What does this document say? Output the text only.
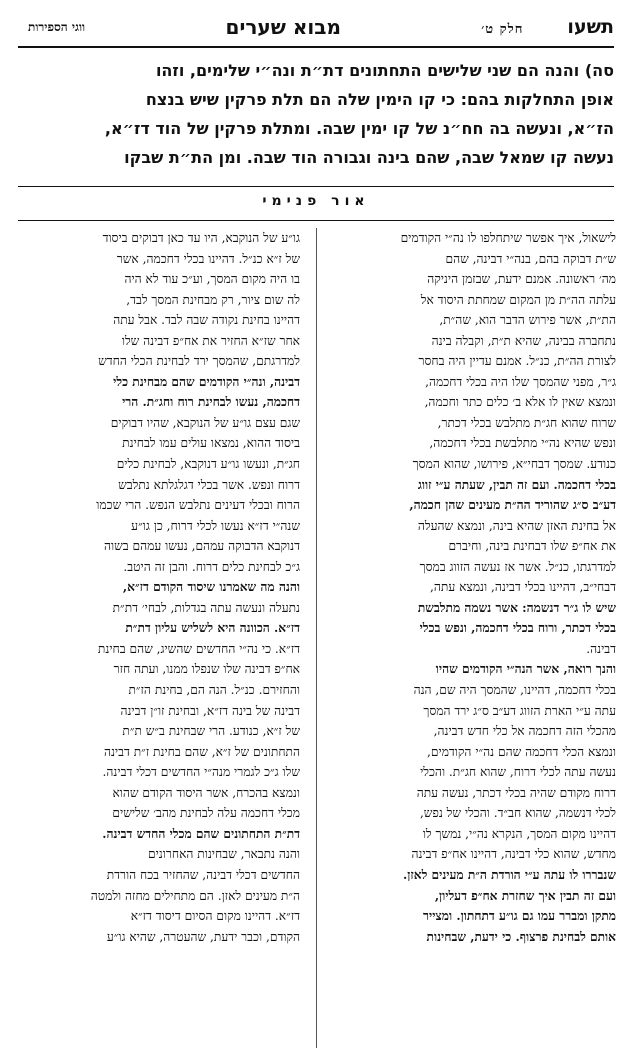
תשעו
חלק ט׳
מבוא שערים
ווגי הספירות
סה) והנה הם שני שלישים התחתונים דת״ת ונה״י שלימים, וזהו
אופן התחלקות בהם: כי קו הימין שלה הם תלת פרקין שיש בנצח
הז״א, ונעשה בה חח״נ של קו ימין שבה. ומתלת פרקין של הוד דז״א,
נעשה קו שמאל שבה, שהם בינה וגבורה הוד שבה. ומן הת״ת שבקו
אור פנימי
לישאול, איך אפשר שיתחלפו לו נה״י הקודמים
ש״ת דבוקה בהם, בנה״י דבינה, שהם
מה׳ ראשונה. אמנם ידעת, שבזמן היניקה
עלתה הה״ת מן המקום שמחתת היסוד אל
הת״ת, אשר פירוש הדבר הוא, שה״ת,
נתחברה בבינה, שהיא ת״ת, וקבלה בינה
לצורת הה״ת, כנ״ל. אמנם עדיין היה בחסר
ג״ר, מפני שהמסך שלו היה בכלי דחכמה,
ונמצא שאין לו אלא ב׳ כלים כתר וחכמה,
שרוח שהוא חג״ת מתלבש בכלי דכתר,
ונפש שהיא נה״י מתלבשת בכלי דחכמה,
כנודע. שמסך דבחי״א, פירושו, שהוא המסך
בכלי דחכמה. ועם זה תבין, שעתה ע״י זווג
דע״ב ס״ג שהוריד הה״ת מעינים שהן חכמה,
אל בחינת האזן שהיא בינה, ונמצא שהעלה
את אח״פ שלו דבחינת בינה, וחיברם
למדרגתו, כנ״ל. אשר אז נעשה הזווג במסך
דבחי״ב, דהיינו בכלי דבינה, ונמצא עתה,
שיש לו ג״ר דנשמה: אשר נשמה מתלבשת
בכלי דכתר, ורוח בכלי דחכמה, ונפש בכלי
דבינה.
והנך רואה, אשר הנה״י הקודמים שהיו
בכלי דחכמה, דהיינו, שהמסך היה שם, הנה
עתה ע״י הארת הזווג דע״ב ס״ג ירד המסך
מהכלי הזה דחכמה אל כלי חדש דבינה,
ונמצא הכלי דחכמה שהם נה״י הקודמים,
נעשה עתה לכלי דרוח, שהוא חג״ת. והכלי
דרוח מקודם שהיה בכלי דכתר, נעשה עתה
לכלי דנשמה, שהוא חב״ד. והכלי של נפש,
דהיינו מקום המסך, הנקרא נה״י, נמשך לו
מחדש, שהוא כלי דבינה, דהיינו אח״פ דבינה
שנבררו לו עתה ע״י הורדת ה״ת מעינים לאזן.
ועם זה תבין איך שחזרת אח״פ דעליון,
מתקן ומברר עמו גם גו״ע דתחתון. ומצייר
אותם לבחינת פרצוף. כי ידעת, שבחינות
גו״ע של הנוקבא, היו עד כאן דבוקים ביסוד
של ז״א כנ״ל. דהיינו בכלי דחכמה, אשר
בו היה מקום המסך, וע״כ עוד לא היה
לה שום ציור, רק מבחינת המסך לבד,
דהיינו בחינת נקודה שבה לבד. אבל עתה
אחר שז״א החזיר את אח״פ דבינה שלו
למדרגתם, שהמסך ירד לבחינת הכלי החדש
דבינה, ונה״י הקודמים שהם מבחינת כלי
דחכמה, נעשו לבחינת רוח וחג״ת. הרי
שגם עצם גו״ע של הנוקבא, שהיו דבוקים
ביסוד ההוא, נמצאו עולים עמו לבחינת
חג״ת, ונעשו גו״ע דנוקבא, לבחינת כלים
דרוח ונפש. אשר בכלי דגלגלתא נתלבש
הרוח ובכלי דעינים נתלבש הנפש. הרי שכמו
שנה״י דז״א נעשו לכלי דרוח, כן גו״ע
דנוקבא הדבוקה עמהם, נעשו עמהם בשוה
ג״כ לבחינת כלים דרוח. והבן זה היטב.
והנה מה שאמרנו שיסוד הקודם דז״א,
נתעלה ונעשה עתה בגדלות, לבחי׳ דת״ת
דז״א. הכוונה היא לשליש עליון דת״ת
דז״א. כי נה״י החדשים שהשיג, שהם בחינת
אח״פ דבינה שלו שנפלו ממנו, ועתה חזר
והחזירם. כנ״ל. הנה הם, בחינת הז״ת
דבינה של בינה דז״א, ובחינת זו״ן דבינה
של ז״א, כנודע. הרי שבחינת ב״ש ת״ת
התחתונים של ז״א, שהם בחינת ז״ת דבינה
שלו ג״כ לגמרי מנה״י החדשים דכלי דבינה.
ונמצא בהכרח, אשר היסוד הקודם שהוא
מכלי דחכמה עלה לבחינת מהב׳ שלישים
דת״ת התחתונים שהם מכלי החדש דבינה.
והנה נתבאר, שבחינות האחרונים
החדשים דכלי דבינה, שהחזיר בכח הורדת
ה״ת מעינים לאזן. הם מתחילים מחזה ולמטה
דז״א. דהיינו מקום הסיום דיסוד דז״א
הקודם, וכבר ידעת, שהעטרה, שהיא גו״ע
